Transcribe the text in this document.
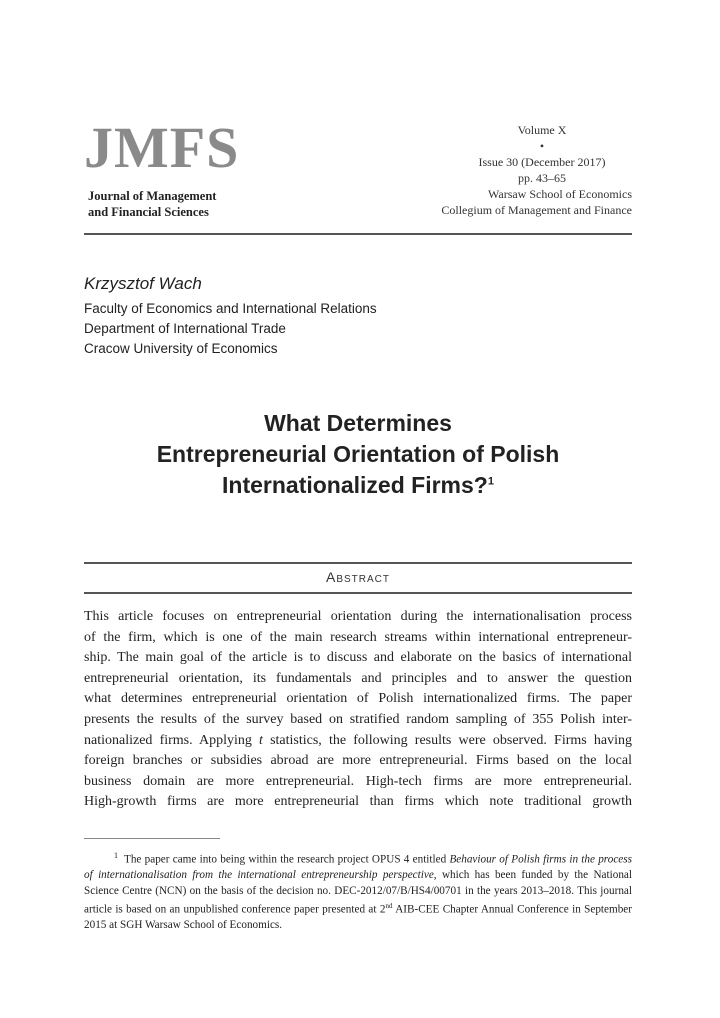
JMFS
Journal of Management
and Financial Sciences
Volume X
•
Issue 30 (December 2017)
pp. 43–65
Warsaw School of Economics
Collegium of Management and Finance
Krzysztof Wach
Faculty of Economics and International Relations
Department of International Trade
Cracow University of Economics
What Determines
Entrepreneurial Orientation of Polish
Internationalized Firms?$^1$
Abstract
This article focuses on entrepreneurial orientation during the internationalisation process
of the firm, which is one of the main research streams within international entrepreneur-
ship. The main goal of the article is to discuss and elaborate on the basics of international
entrepreneurial orientation, its fundamentals and principles and to answer the question
what determines entrepreneurial orientation of Polish internationalized firms. The paper
presents the results of the survey based on stratified random sampling of 355 Polish inter-
nationalized firms. Applying t statistics, the following results were observed. Firms having
foreign branches or subsidies abroad are more entrepreneurial. Firms based on the local
business domain are more entrepreneurial. High-tech firms are more entrepreneurial.
High-growth firms are more entrepreneurial than firms which note traditional growth
$^1$ The paper came into being within the research project OPUS 4 entitled Behaviour of Polish firms in the process of internationalisation from the international entrepreneurship perspective, which has been funded by the National Science Centre (NCN) on the basis of the decision no. DEC-2012/07/B/HS4/00701 in the years 2013–2018. This journal article is based on an unpublished conference paper presented at 2nd AIB-CEE Chapter Annual Conference in September 2015 at SGH Warsaw School of Economics.
